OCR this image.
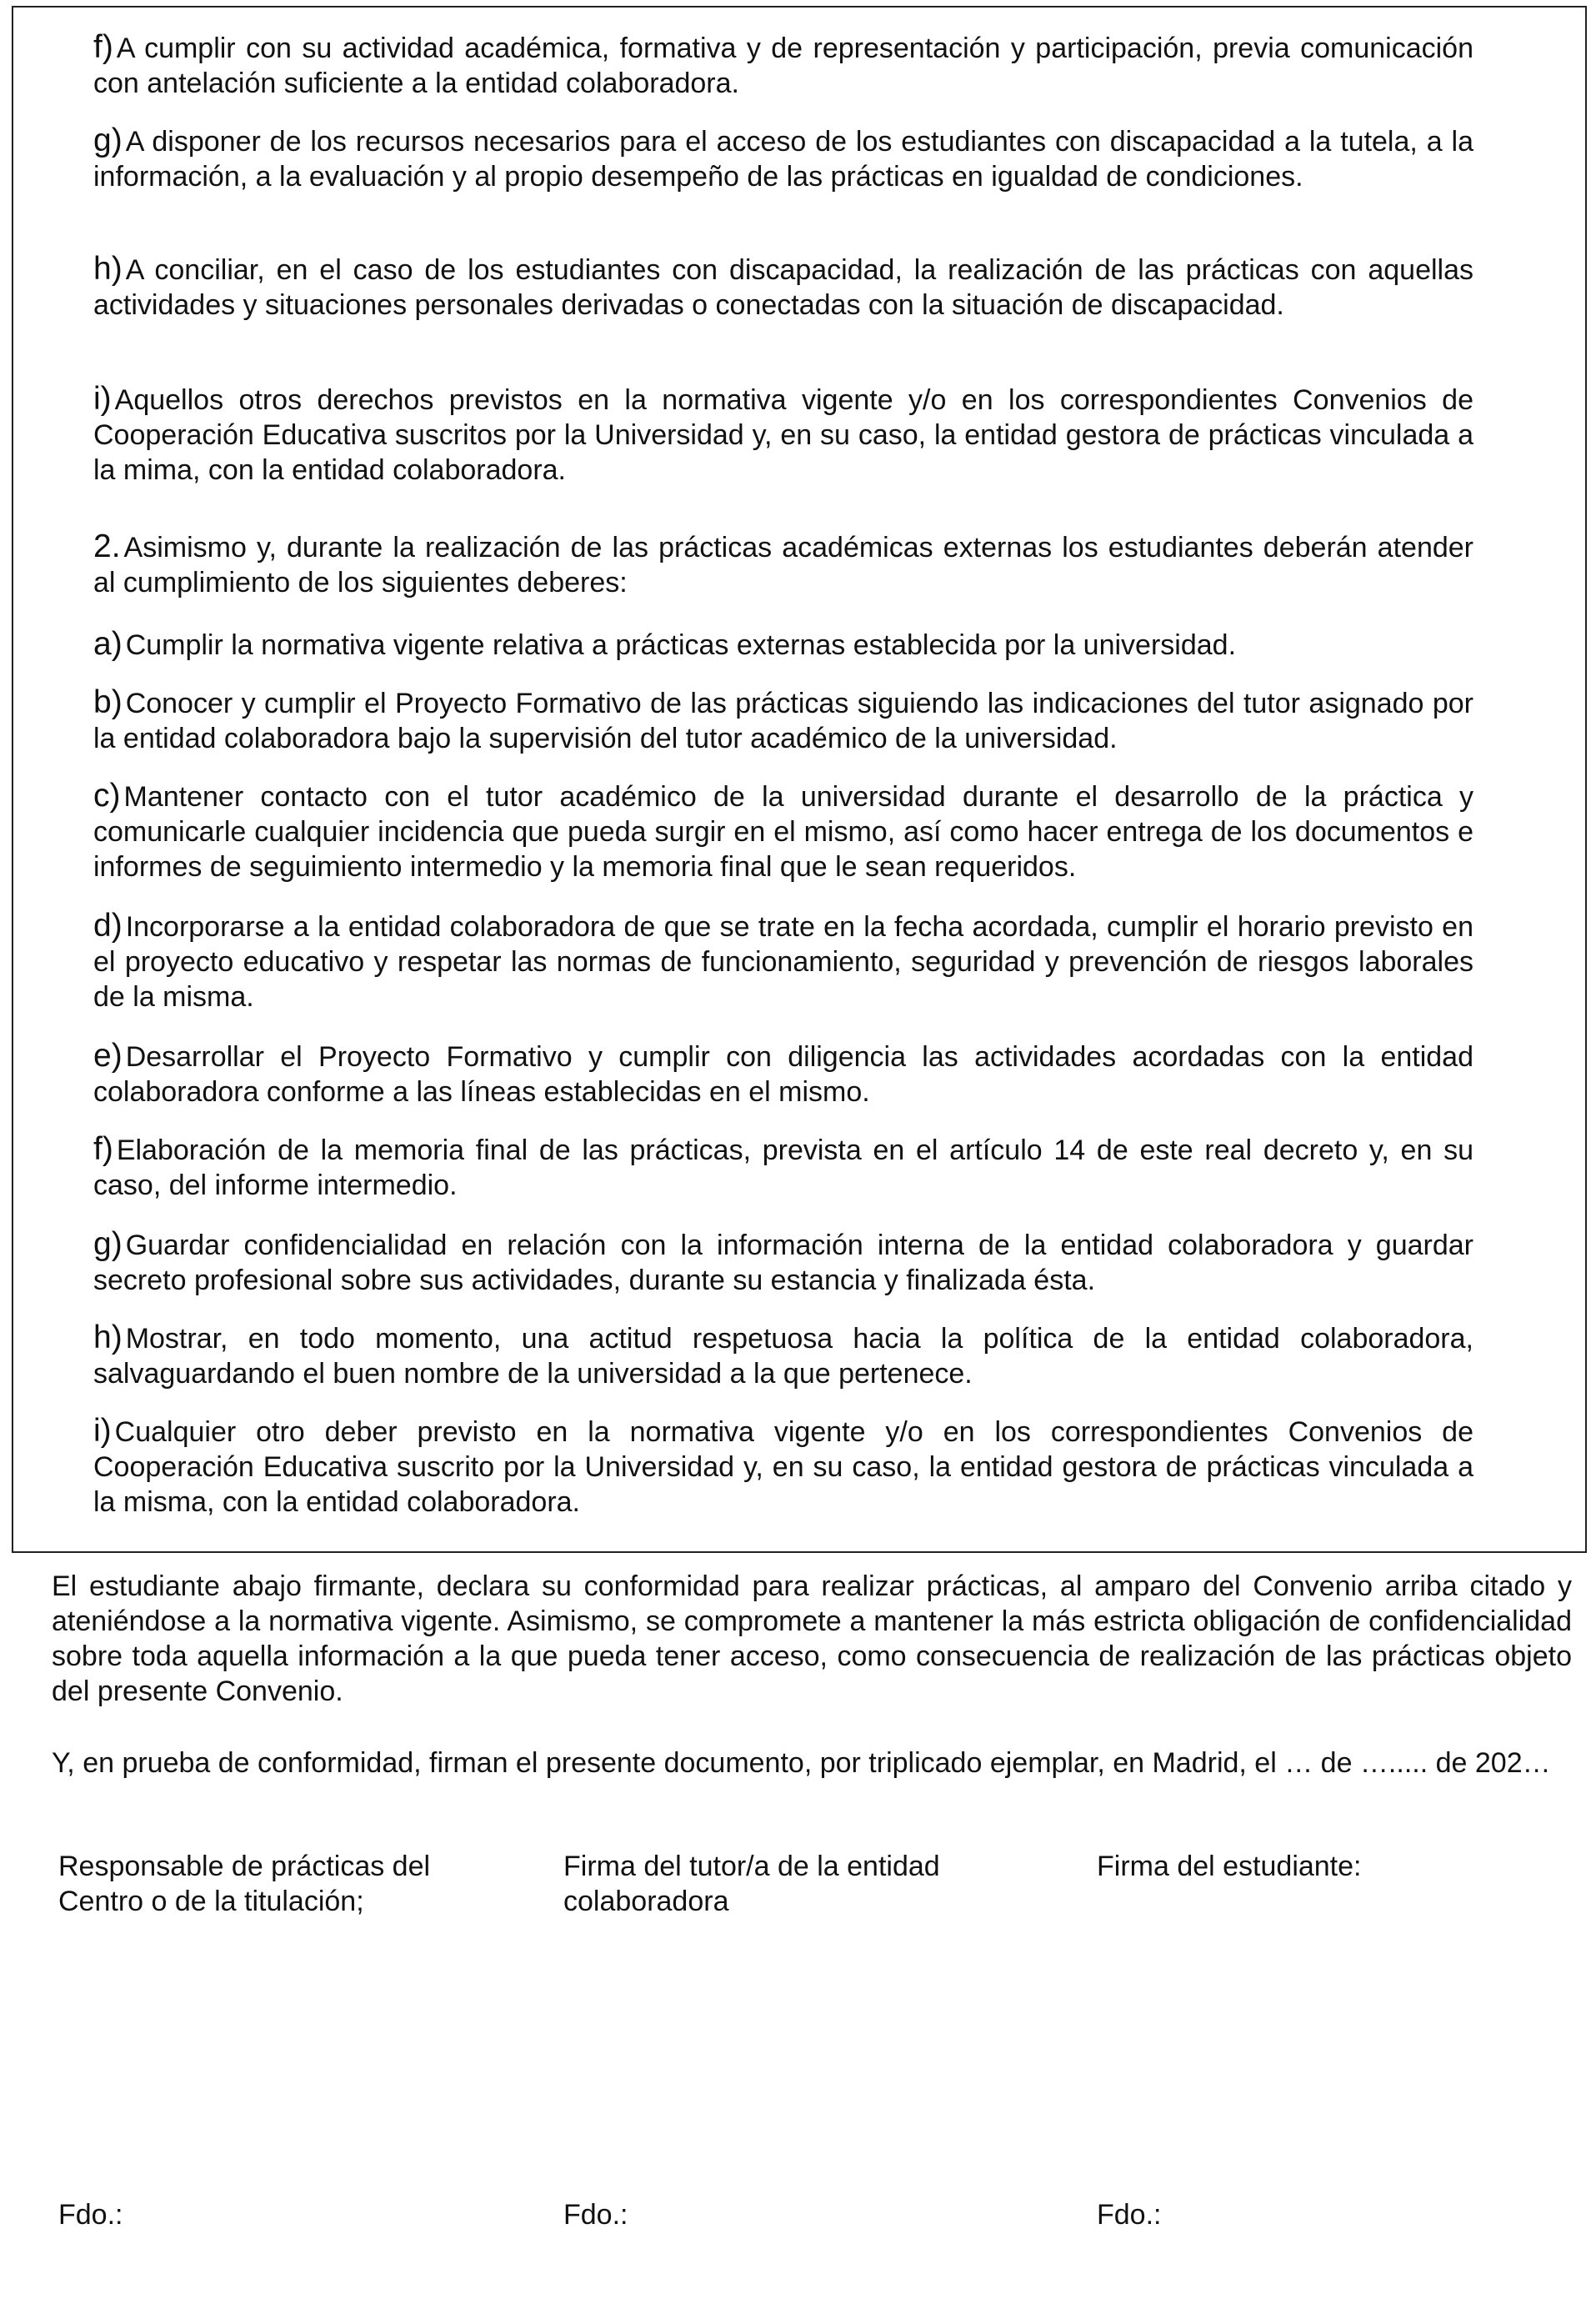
f) A cumplir con su actividad académica, formativa y de representación y participación, previa comunicación con antelación suficiente a la entidad colaboradora.

g) A disponer de los recursos necesarios para el acceso de los estudiantes con discapacidad a la tutela, a la información, a la evaluación y al propio desempeño de las prácticas en igualdad de condiciones.

h) A conciliar, en el caso de los estudiantes con discapacidad, la realización de las prácticas con aquellas actividades y situaciones personales derivadas o conectadas con la situación de discapacidad.

i) Aquellos otros derechos previstos en la normativa vigente y/o en los correspondientes Convenios de Cooperación Educativa suscritos por la Universidad y, en su caso, la entidad gestora de prácticas vinculada a la mima, con la entidad colaboradora.

2. Asimismo y, durante la realización de las prácticas académicas externas los estudiantes deberán atender al cumplimiento de los siguientes deberes:

a) Cumplir la normativa vigente relativa a prácticas externas establecida por la universidad.

b) Conocer y cumplir el Proyecto Formativo de las prácticas siguiendo las indicaciones del tutor asignado por la entidad colaboradora bajo la supervisión del tutor académico de la universidad.

c) Mantener contacto con el tutor académico de la universidad durante el desarrollo de la práctica y comunicarle cualquier incidencia que pueda surgir en el mismo, así como hacer entrega de los documentos e informes de seguimiento intermedio y la memoria final que le sean requeridos.

d) Incorporarse a la entidad colaboradora de que se trate en la fecha acordada, cumplir el horario previsto en el proyecto educativo y respetar las normas de funcionamiento, seguridad y prevención de riesgos laborales de la misma.

e) Desarrollar el Proyecto Formativo y cumplir con diligencia las actividades acordadas con la entidad colaboradora conforme a las líneas establecidas en el mismo.

f) Elaboración de la memoria final de las prácticas, prevista en el artículo 14 de este real decreto y, en su caso, del informe intermedio.

g) Guardar confidencialidad en relación con la información interna de la entidad colaboradora y guardar secreto profesional sobre sus actividades, durante su estancia y finalizada ésta.

h) Mostrar, en todo momento, una actitud respetuosa hacia la política de la entidad colaboradora, salvaguardando el buen nombre de la universidad a la que pertenece.

i) Cualquier otro deber previsto en la normativa vigente y/o en los correspondientes Convenios de Cooperación Educativa suscrito por la Universidad y, en su caso, la entidad gestora de prácticas vinculada a la misma, con la entidad colaboradora.

El estudiante abajo firmante, declara su conformidad para realizar prácticas, al amparo del Convenio arriba citado y ateniéndose a la normativa vigente. Asimismo, se compromete a mantener la más estricta obligación de confidencialidad sobre toda aquella información a la que pueda tener acceso, como consecuencia de realización de las prácticas objeto del presente Convenio.

Y, en prueba de conformidad, firman el presente documento, por triplicado ejemplar, en Madrid, el … de …..... de 202…

Responsable de prácticas del
Centro o de la titulación;
Firma del tutor/a de la entidad
colaboradora
Firma del estudiante:

Fdo.:	Fdo.:	Fdo.:
